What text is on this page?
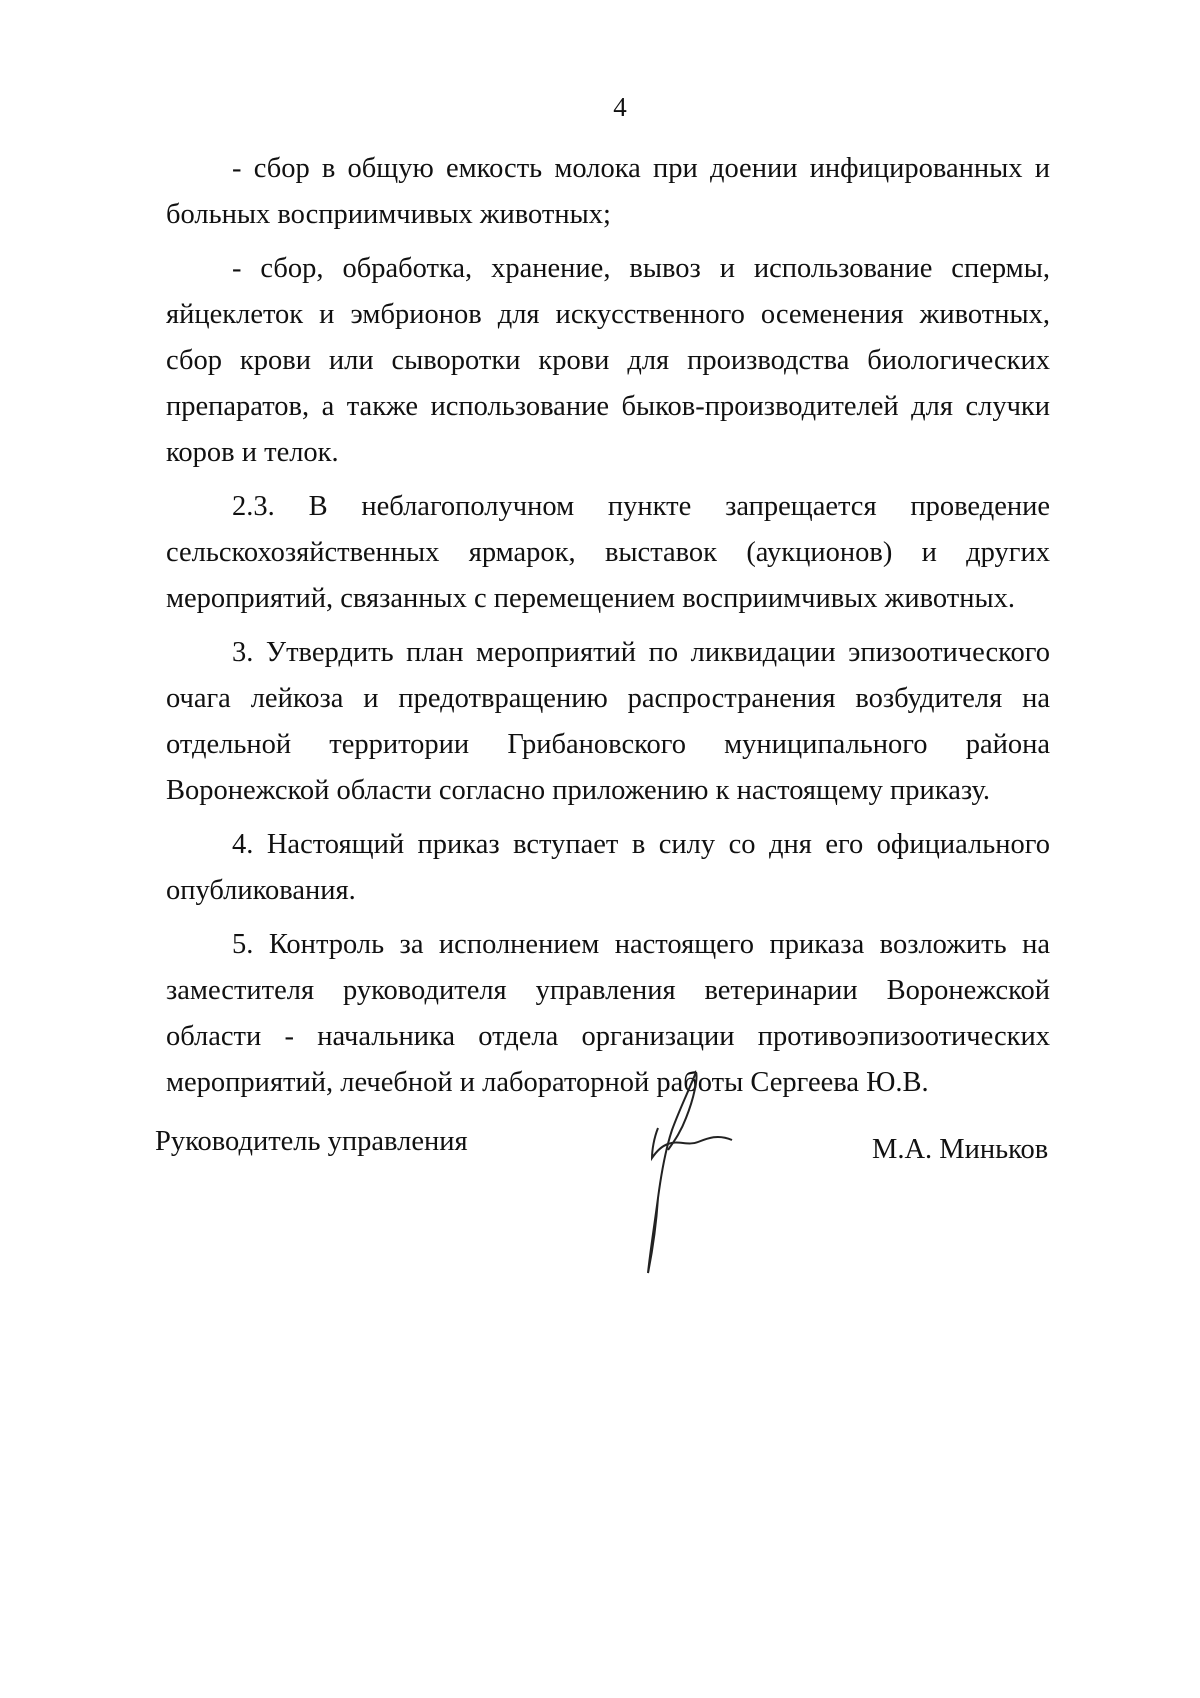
4

- сбор в общую емкость молока при доении инфицированных и больных восприимчивых животных;

- сбор, обработка, хранение, вывоз и использование спермы, яйцеклеток и эмбрионов для искусственного осеменения животных, сбор крови или сыворотки крови для производства биологических препаратов, а также использование быков-производителей для случки коров и телок.

2.3. В неблагополучном пункте запрещается проведение сельскохозяйственных ярмарок, выставок (аукционов) и других мероприятий, связанных с перемещением восприимчивых животных.

3. Утвердить план мероприятий по ликвидации эпизоотического очага лейкоза и предотвращению распространения возбудителя на отдельной территории Грибановского муниципального района Воронежской области согласно приложению к настоящему приказу.

4. Настоящий приказ вступает в силу со дня его официального опубликования.

5. Контроль за исполнением настоящего приказа возложить на заместителя руководителя управления ветеринарии Воронежской области - начальника отдела организации противоэпизоотических мероприятий, лечебной и лабораторной работы Сергеева Ю.В.

Руководитель управления	М.А. Миньков
